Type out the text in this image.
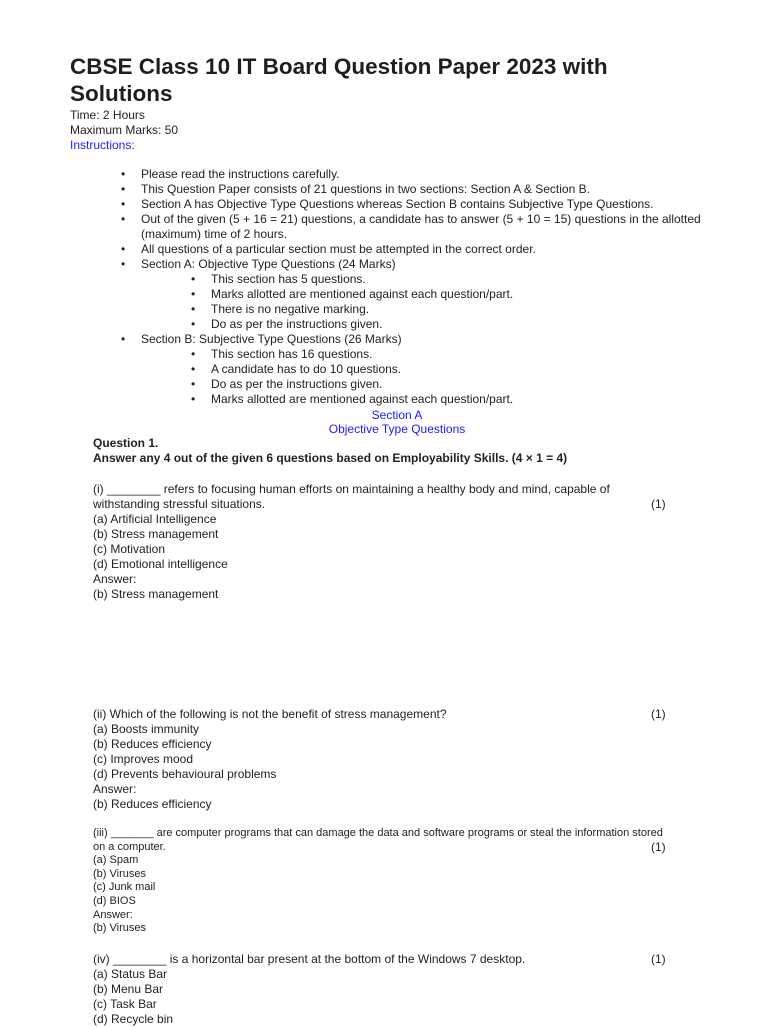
CBSE Class 10 IT Board Question Paper 2023 with Solutions
Time: 2 Hours
Maximum Marks: 50
Instructions:
• Please read the instructions carefully.
• This Question Paper consists of 21 questions in two sections: Section A & Section B.
• Section A has Objective Type Questions whereas Section B contains Subjective Type Questions.
• Out of the given (5 + 16 = 21) questions, a candidate has to answer (5 + 10 = 15) questions in the allotted (maximum) time of 2 hours.
• All questions of a particular section must be attempted in the correct order.
• Section A: Objective Type Questions (24 Marks)
• This section has 5 questions.
• Marks allotted are mentioned against each question/part.
• There is no negative marking.
• Do as per the instructions given.
• Section B: Subjective Type Questions (26 Marks)
• This section has 16 questions.
• A candidate has to do 10 questions.
• Do as per the instructions given.
• Marks allotted are mentioned against each question/part.
Section A
Objective Type Questions
Question 1.
Answer any 4 out of the given 6 questions based on Employability Skills. (4 × 1 = 4)
(i) ________ refers to focusing human efforts on maintaining a healthy body and mind, capable of withstanding stressful situations.	(1)
(a) Artificial Intelligence
(b) Stress management
(c) Motivation
(d) Emotional intelligence
Answer:
(b) Stress management
(ii) Which of the following is not the benefit of stress management?	(1)
(a) Boosts immunity
(b) Reduces efficiency
(c) Improves mood
(d) Prevents behavioural problems
Answer:
(b) Reduces efficiency
(iii) _______ are computer programs that can damage the data and software programs or steal the information stored on a computer.	(1)
(a) Spam
(b) Viruses
(c) Junk mail
(d) BIOS
Answer:
(b) Viruses
(iv) ________ is a horizontal bar present at the bottom of the Windows 7 desktop.	(1)
(a) Status Bar
(b) Menu Bar
(c) Task Bar
(d) Recycle bin
